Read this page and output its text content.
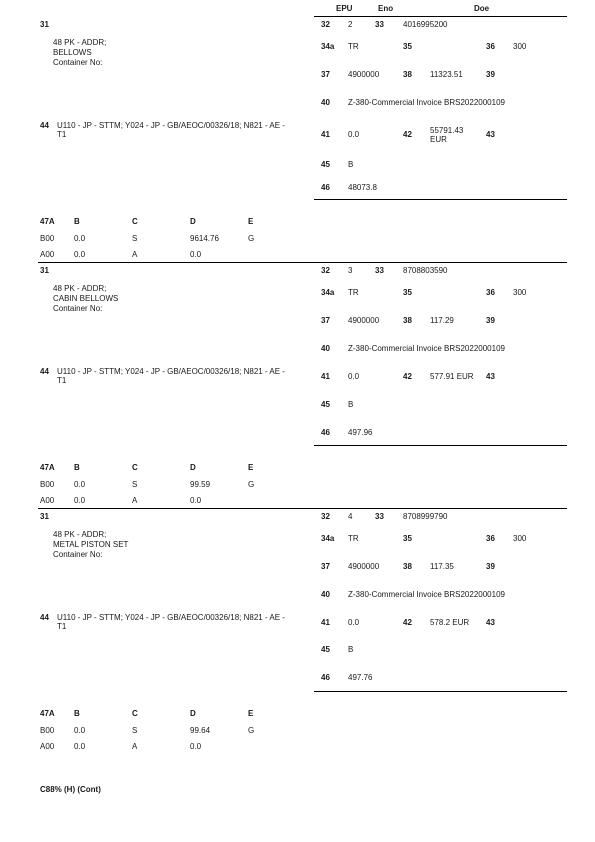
EPU	Eno	Doe
31
48 PK - ADDR;
BELLOWS
Container No:
44 U110 - JP - STTM; Y024 - JP - GB/AEOC/00326/18; N821 - AE -
T1
32 2	33 4016995200
34a TR	35	36 300
37 4900000	38 11323.51	39
40 Z-380-Commercial Invoice BRS2022000109
41 0.0	42 55791.43
EUR
43
45 B
46 48073.8
47A B	C	D	E
B00 0.0	S	9614.76	G
A00 0.0	A	0.0
31
48 PK - ADDR;
CABIN BELLOWS
Container No:
44 U110 - JP - STTM; Y024 - JP - GB/AEOC/00326/18; N821 - AE -
T1
32 3	33 8708803590
34a TR	35	36 300
37 4900000	38 117.29	39
40 Z-380-Commercial Invoice BRS2022000109
41 0.0	42 577.91 EUR 43
45 B
46 497.96
47A B	C	D	E
B00 0.0	S	99.59	G
A00 0.0	A	0.0
31
48 PK - ADDR;
METAL PISTON SET
Container No:
44 U110 - JP - STTM; Y024 - JP - GB/AEOC/00326/18; N821 - AE -
T1
32 4	33 8708999790
34a TR	35	36 300
37 4900000	38 117.35	39
40 Z-380-Commercial Invoice BRS2022000109
41 0.0	42 578.2 EUR 43
45 B
46 497.76
47A B	C	D	E
B00 0.0	S	99.64	G
A00 0.0	A	0.0
C88% (H) (Cont)
